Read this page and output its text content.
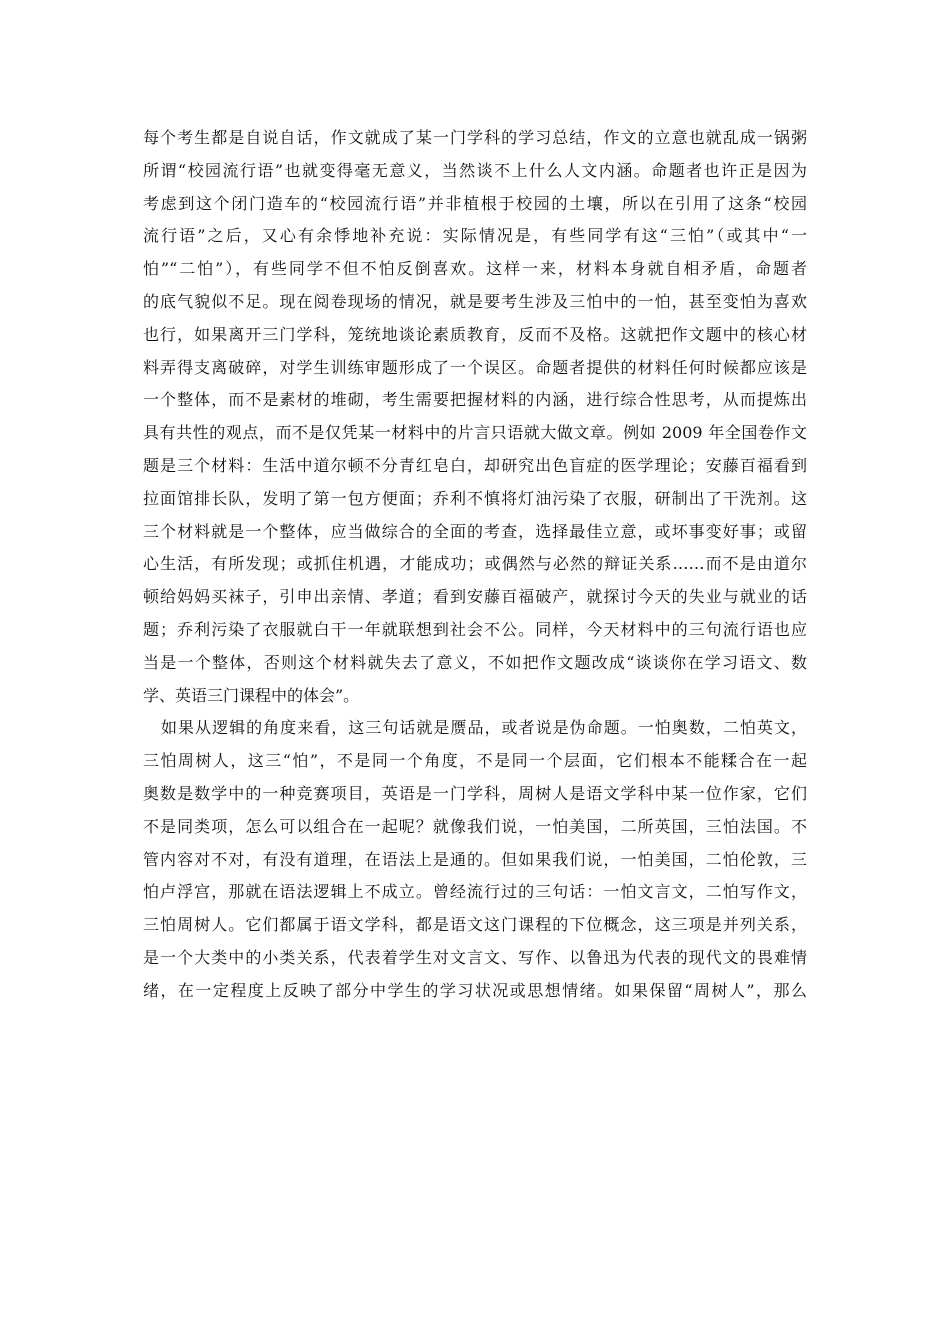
每个考生都是自说自话，作文就成了某一门学科的学习总结，作文的立意也就乱成一锅粥
所谓“校园流行语”也就变得毫无意义，当然谈不上什么人文内涵。命题者也许正是因为
考虑到这个闭门造车的“校园流行语”并非植根于校园的土壤，所以在引用了这条“校园
流行语”之后，又心有余悸地补充说：实际情况是，有些同学有这“三怕”（或其中“一
怕”“二怕”），有些同学不但不怕反倒喜欢。这样一来，材料本身就自相矛盾，命题者
的底气貌似不足。现在阅卷现场的情况，就是要考生涉及三怕中的一怕，甚至变怕为喜欢
也行，如果离开三门学科，笼统地谈论素质教育，反而不及格。这就把作文题中的核心材
料弄得支离破碎，对学生训练审题形成了一个误区。命题者提供的材料任何时候都应该是
一个整体，而不是素材的堆砌，考生需要把握材料的内涵，进行综合性思考，从而提炼出
具有共性的观点，而不是仅凭某一材料中的片言只语就大做文章。例如 2009 年全国卷作文
题是三个材料：生活中道尔顿不分青红皂白，却研究出色盲症的医学理论；安藤百福看到
拉面馆排长队，发明了第一包方便面；乔利不慎将灯油污染了衣服，研制出了干洗剂。这
三个材料就是一个整体，应当做综合的全面的考查，选择最佳立意，或坏事变好事；或留
心生活，有所发现；或抓住机遇，才能成功；或偶然与必然的辩证关系……而不是由道尔
顿给妈妈买袜子，引申出亲情、孝道；看到安藤百福破产，就探讨今天的失业与就业的话
题；乔利污染了衣服就白干一年就联想到社会不公。同样，今天材料中的三句流行语也应
当是一个整体，否则这个材料就失去了意义，不如把作文题改成“谈谈你在学习语文、数
学、英语三门课程中的体会”。
如果从逻辑的角度来看，这三句话就是赝品，或者说是伪命题。一怕奥数，二怕英文，
三怕周树人，这三“怕”，不是同一个角度，不是同一个层面，它们根本不能糅合在一起
奥数是数学中的一种竞赛项目，英语是一门学科，周树人是语文学科中某一位作家，它们
不是同类项，怎么可以组合在一起呢？就像我们说，一怕美国，二所英国，三怕法国。不
管内容对不对，有没有道理，在语法上是通的。但如果我们说，一怕美国，二怕伦敦，三
怕卢浮宫，那就在语法逻辑上不成立。曾经流行过的三句话：一怕文言文，二怕写作文，
三怕周树人。它们都属于语文学科，都是语文这门课程的下位概念，这三项是并列关系，
是一个大类中的小类关系，代表着学生对文言文、写作、以鲁迅为代表的现代文的畏难情
绪，在一定程度上反映了部分中学生的学习状况或思想情绪。如果保留“周树人”，那么
